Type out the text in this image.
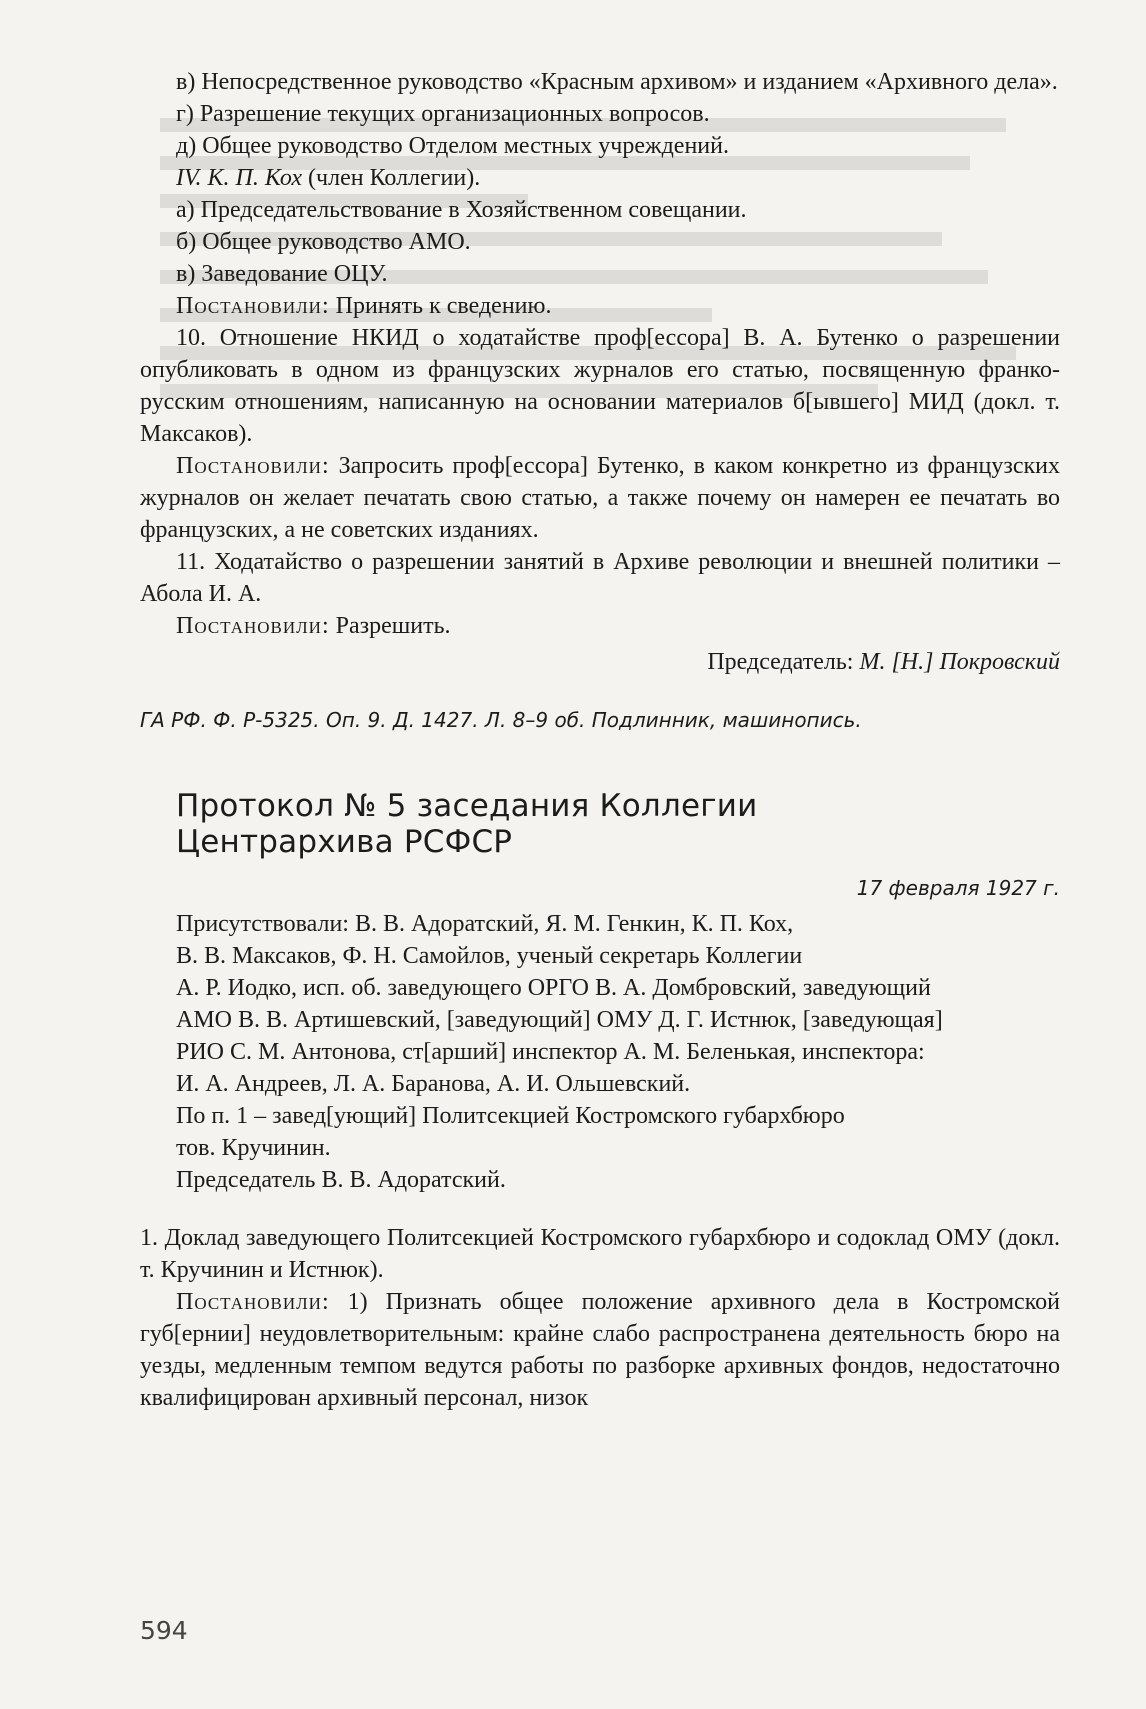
в) Непосредственное руководство «Красным архивом» и изданием «Архивного дела».

г) Разрешение текущих организационных вопросов.

д) Общее руководство Отделом местных учреждений.

IV. К. П. Кох (член Коллегии).

а) Председательствование в Хозяйственном совещании.

б) Общее руководство АМО.

в) Заведование ОЦУ.

Постановили: Принять к сведению.

10. Отношение НКИД о ходатайстве проф[ессора] В. А. Бутенко о разрешении опубликовать в одном из французских журналов его статью, посвященную франко-русским отношениям, написанную на основании материалов б[ывшего] МИД (докл. т. Максаков).

Постановили: Запросить проф[ессора] Бутенко, в каком конкретно из французских журналов он желает печатать свою статью, а также почему он намерен ее печатать во французских, а не советских изданиях.

11. Ходатайство о разрешении занятий в Архиве революции и внешней политики – Абола И. А.

Постановили: Разрешить.

Председатель: М. [Н.] Покровский

ГА РФ. Ф. Р-5325. Оп. 9. Д. 1427. Л. 8–9 об. Подлинник, машинопись.

Протокол № 5 заседания Коллегии
Центрархива РСФСР

17 февраля 1927 г.

Присутствовали: В. В. Адоратский, Я. М. Генкин, К. П. Кох,
В. В. Максаков, Ф. Н. Самойлов, ученый секретарь Коллегии
А. Р. Иодко, исп. об. заведующего ОРГО В. А. Домбровский, заведующий
АМО В. В. Артишевский, [заведующий] ОМУ Д. Г. Истнюк, [заведующая]
РИО С. М. Антонова, ст[арший] инспектор А. М. Беленькая, инспектора:
И. А. Андреев, Л. А. Баранова, А. И. Ольшевский.
По п. 1 – завед[ующий] Политсекцией Костромского губархбюро
тов. Кручинин.
Председатель В. В. Адоратский.

1. Доклад заведующего Политсекцией Костромского губархбюро и содоклад ОМУ (докл. т. Кручинин и Истнюк).

Постановили: 1) Признать общее положение архивного дела в Костромской губ[ернии] неудовлетворительным: крайне слабо распространена деятельность бюро на уезды, медленным темпом ведутся работы по разборке архивных фондов, недостаточно квалифицирован архивный персонал, низок

594
